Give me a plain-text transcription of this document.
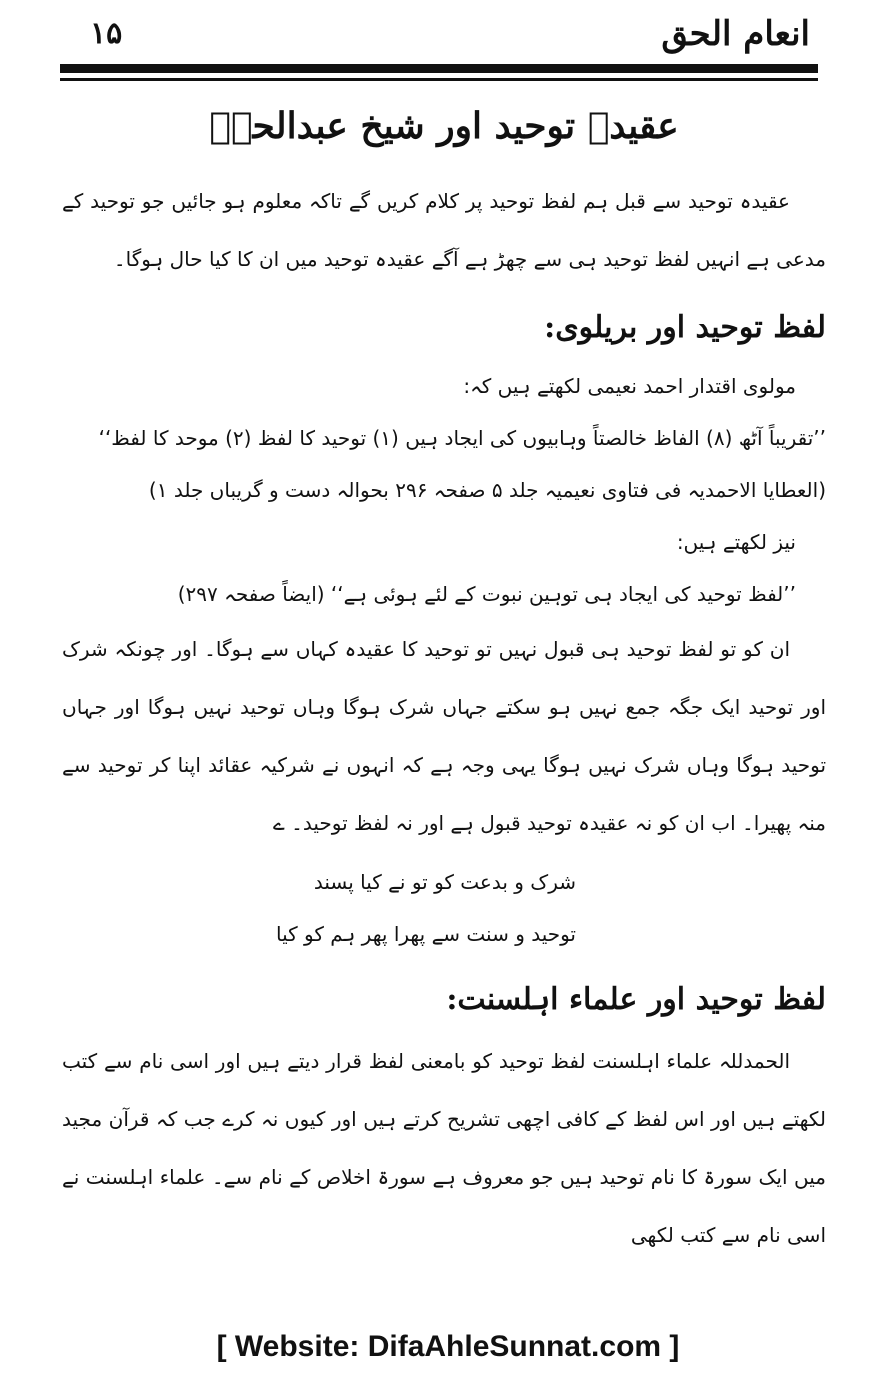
۱۵	انعام الحق
عقیدہ توحید اور شیخ عبدالحقؒ
عقیدہ توحید سے قبل ہم لفظ توحید پر کلام کریں گے تاکہ معلوم ہو جائیں جو توحید کے مدعی ہے انہیں لفظ توحید ہی سے چھڑ ہے آگے عقیدہ توحید میں ان کا کیا حال ہوگا۔
لفظ توحید اور بریلوی:

مولوی اقتدار احمد نعیمی لکھتے ہیں کہ:

’’تقریباً آٹھ (۸) الفاظ خالصتاً وہابیوں کی ایجاد ہیں (۱) توحید کا لفظ (۲) موحد کا لفظ‘‘

(العطایا الاحمدیہ فی فتاوی نعیمیہ جلد ۵ صفحہ ۲۹۶ بحوالہ دست و گریباں جلد ۱)

نیز لکھتے ہیں:

’’لفظ توحید کی ایجاد ہی توہین نبوت کے لئے ہوئی ہے‘‘ (ایضاً صفحہ ۲۹۷)

ان کو تو لفظ توحید ہی قبول نہیں تو توحید کا عقیدہ کہاں سے ہوگا۔ اور چونکہ شرک اور توحید ایک جگہ جمع نہیں ہو سکتے جہاں شرک ہوگا وہاں توحید نہیں ہوگا اور جہاں توحید ہوگا وہاں شرک نہیں ہوگا یہی وجہ ہے کہ انہوں نے شرکیہ عقائد اپنا کر توحید سے منہ پھیرا۔ اب ان کو نہ عقیدہ توحید قبول ہے اور نہ لفظ توحید۔ ے

شرک و بدعت کو تو نے کیا پسند

توحید و سنت سے پھرا پھر ہم کو کیا

لفظ توحید اور علماء اہلسنت:
الحمدللہ علماء اہلسنت لفظ توحید کو بامعنی لفظ قرار دیتے ہیں اور اسی نام سے کتب لکھتے ہیں اور اس لفظ کے کافی اچھی تشریح کرتے ہیں اور کیوں نہ کرے جب کہ قرآن مجید میں ایک سورۃ کا نام توحید ہیں جو معروف ہے سورۃ اخلاص کے نام سے۔ علماء اہلسنت نے اسی نام سے کتب لکھی
[ Website: DifaAhleSunnat.com ]
